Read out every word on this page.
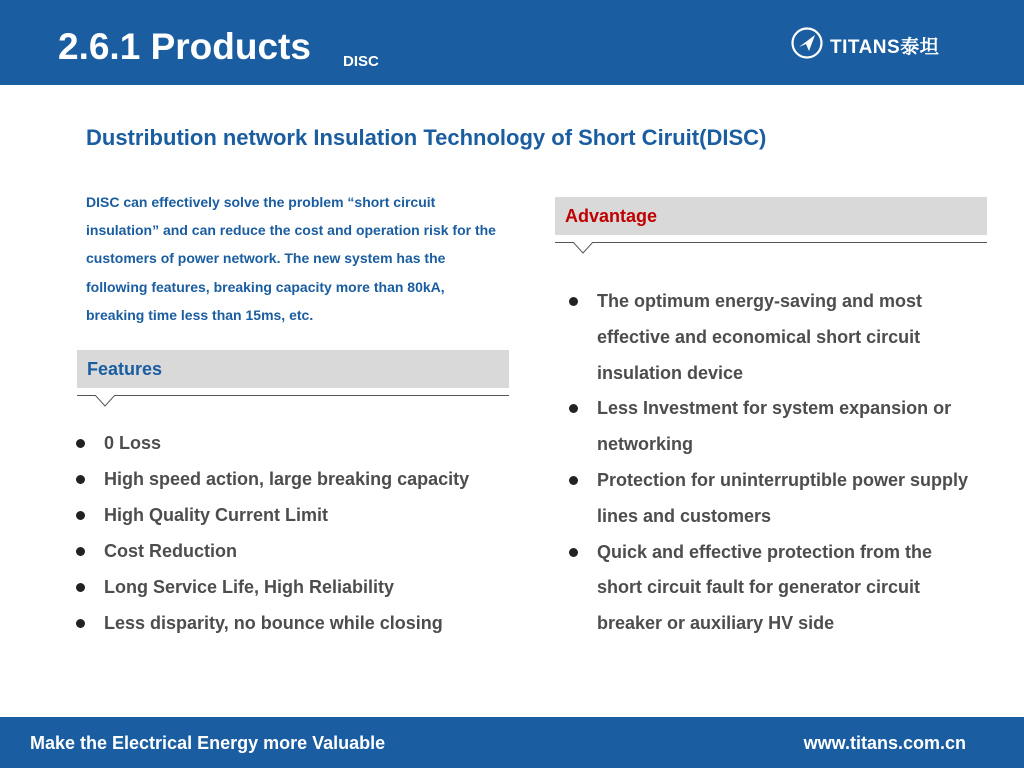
2.6.1 Products DISC
TITANS泰坦
Dustribution network Insulation Technology of Short Ciruit(DISC)
DISC can effectively solve the problem “short circuit insulation” and can reduce the cost and operation risk for the customers of power network. The new system has the following features, breaking capacity more than 80kA, breaking time less than 15ms, etc.
Features
0 Loss
High speed action, large breaking capacity
High Quality Current Limit
Cost Reduction
Long Service Life, High Reliability
Less disparity, no bounce while closing
Advantage
The optimum energy-saving and most effective and economical short circuit insulation device
Less Investment for system expansion or networking
Protection for uninterruptible power supply lines and customers
Quick and effective protection from the short circuit fault for generator circuit breaker or auxiliary HV side
Make the Electrical Energy more Valuable	www.titans.com.cn
